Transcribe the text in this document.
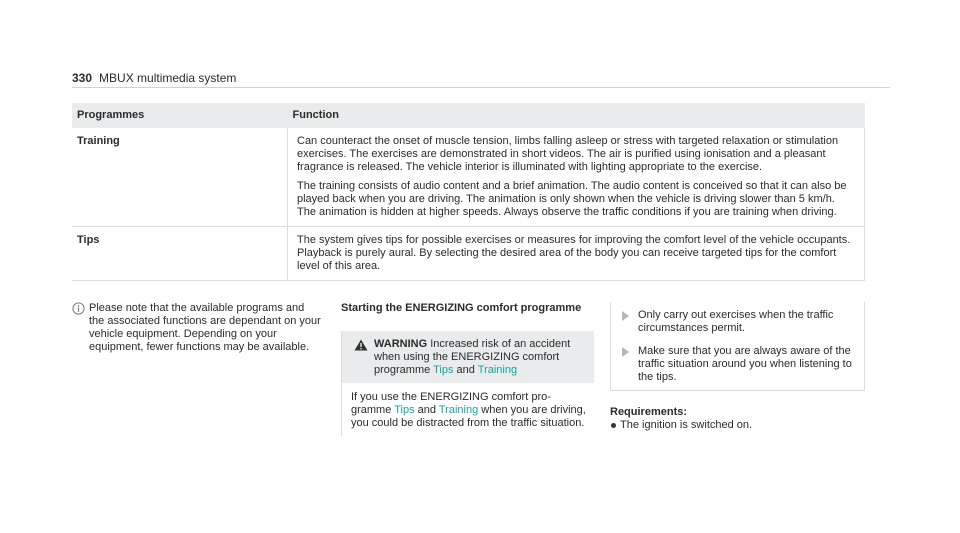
330 MBUX multimedia system
Programmes	Function
Training	Can counteract the onset of muscle tension, limbs falling asleep or stress with targeted relaxation or stimulation exercises. The exercises are demonstrated in short videos. The air is purified using ionisation and a pleasant fragrance is released. The vehicle interior is illuminated with lighting appropriate to the exercise.

The training consists of audio content and a brief animation. The audio content is conceived so that it can also be played back when you are driving. The animation is only shown when the vehicle is driving slower than 5 km/h. The animation is hidden at higher speeds. Always observe the traffic conditions if you are training when driving.

Tips	The system gives tips for possible exercises or measures for improving the comfort level of the vehicle occupants. Playback is purely aural. By selecting the desired area of the body you can receive targeted tips for the comfort level of this area.

Please note that the available programs and the associated functions are dependant on your vehicle equipment. Depending on your equipment, fewer functions may be available.
Starting the ENERGIZING comfort programme
WARNING Increased risk of an accident when using the ENERGIZING comfort programme Tips and Training
If you use the ENERGIZING comfort programme Tips and Training when you are driving, you could be distracted from the traffic situation.
Only carry out exercises when the traffic circumstances permit.
Make sure that you are always aware of the traffic situation around you when listening to the tips.
Requirements:
The ignition is switched on.
